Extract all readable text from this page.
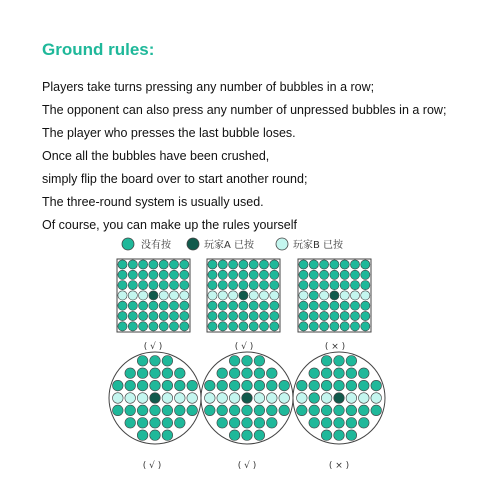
Ground rules:
Players take turns pressing any number of bubbles in a row;
The opponent can also press any number of unpressed bubbles in a row;
The player who presses the last bubble loses.
Once all the bubbles have been crushed,
simply flip the board over to start another round;
The three-round system is usually used.
Of course, you can make up the rules yourself
没有按	玩家A 已按	玩家B 已按
( √ )	( √ )	( × )
( √ )	( √ )	( × )
